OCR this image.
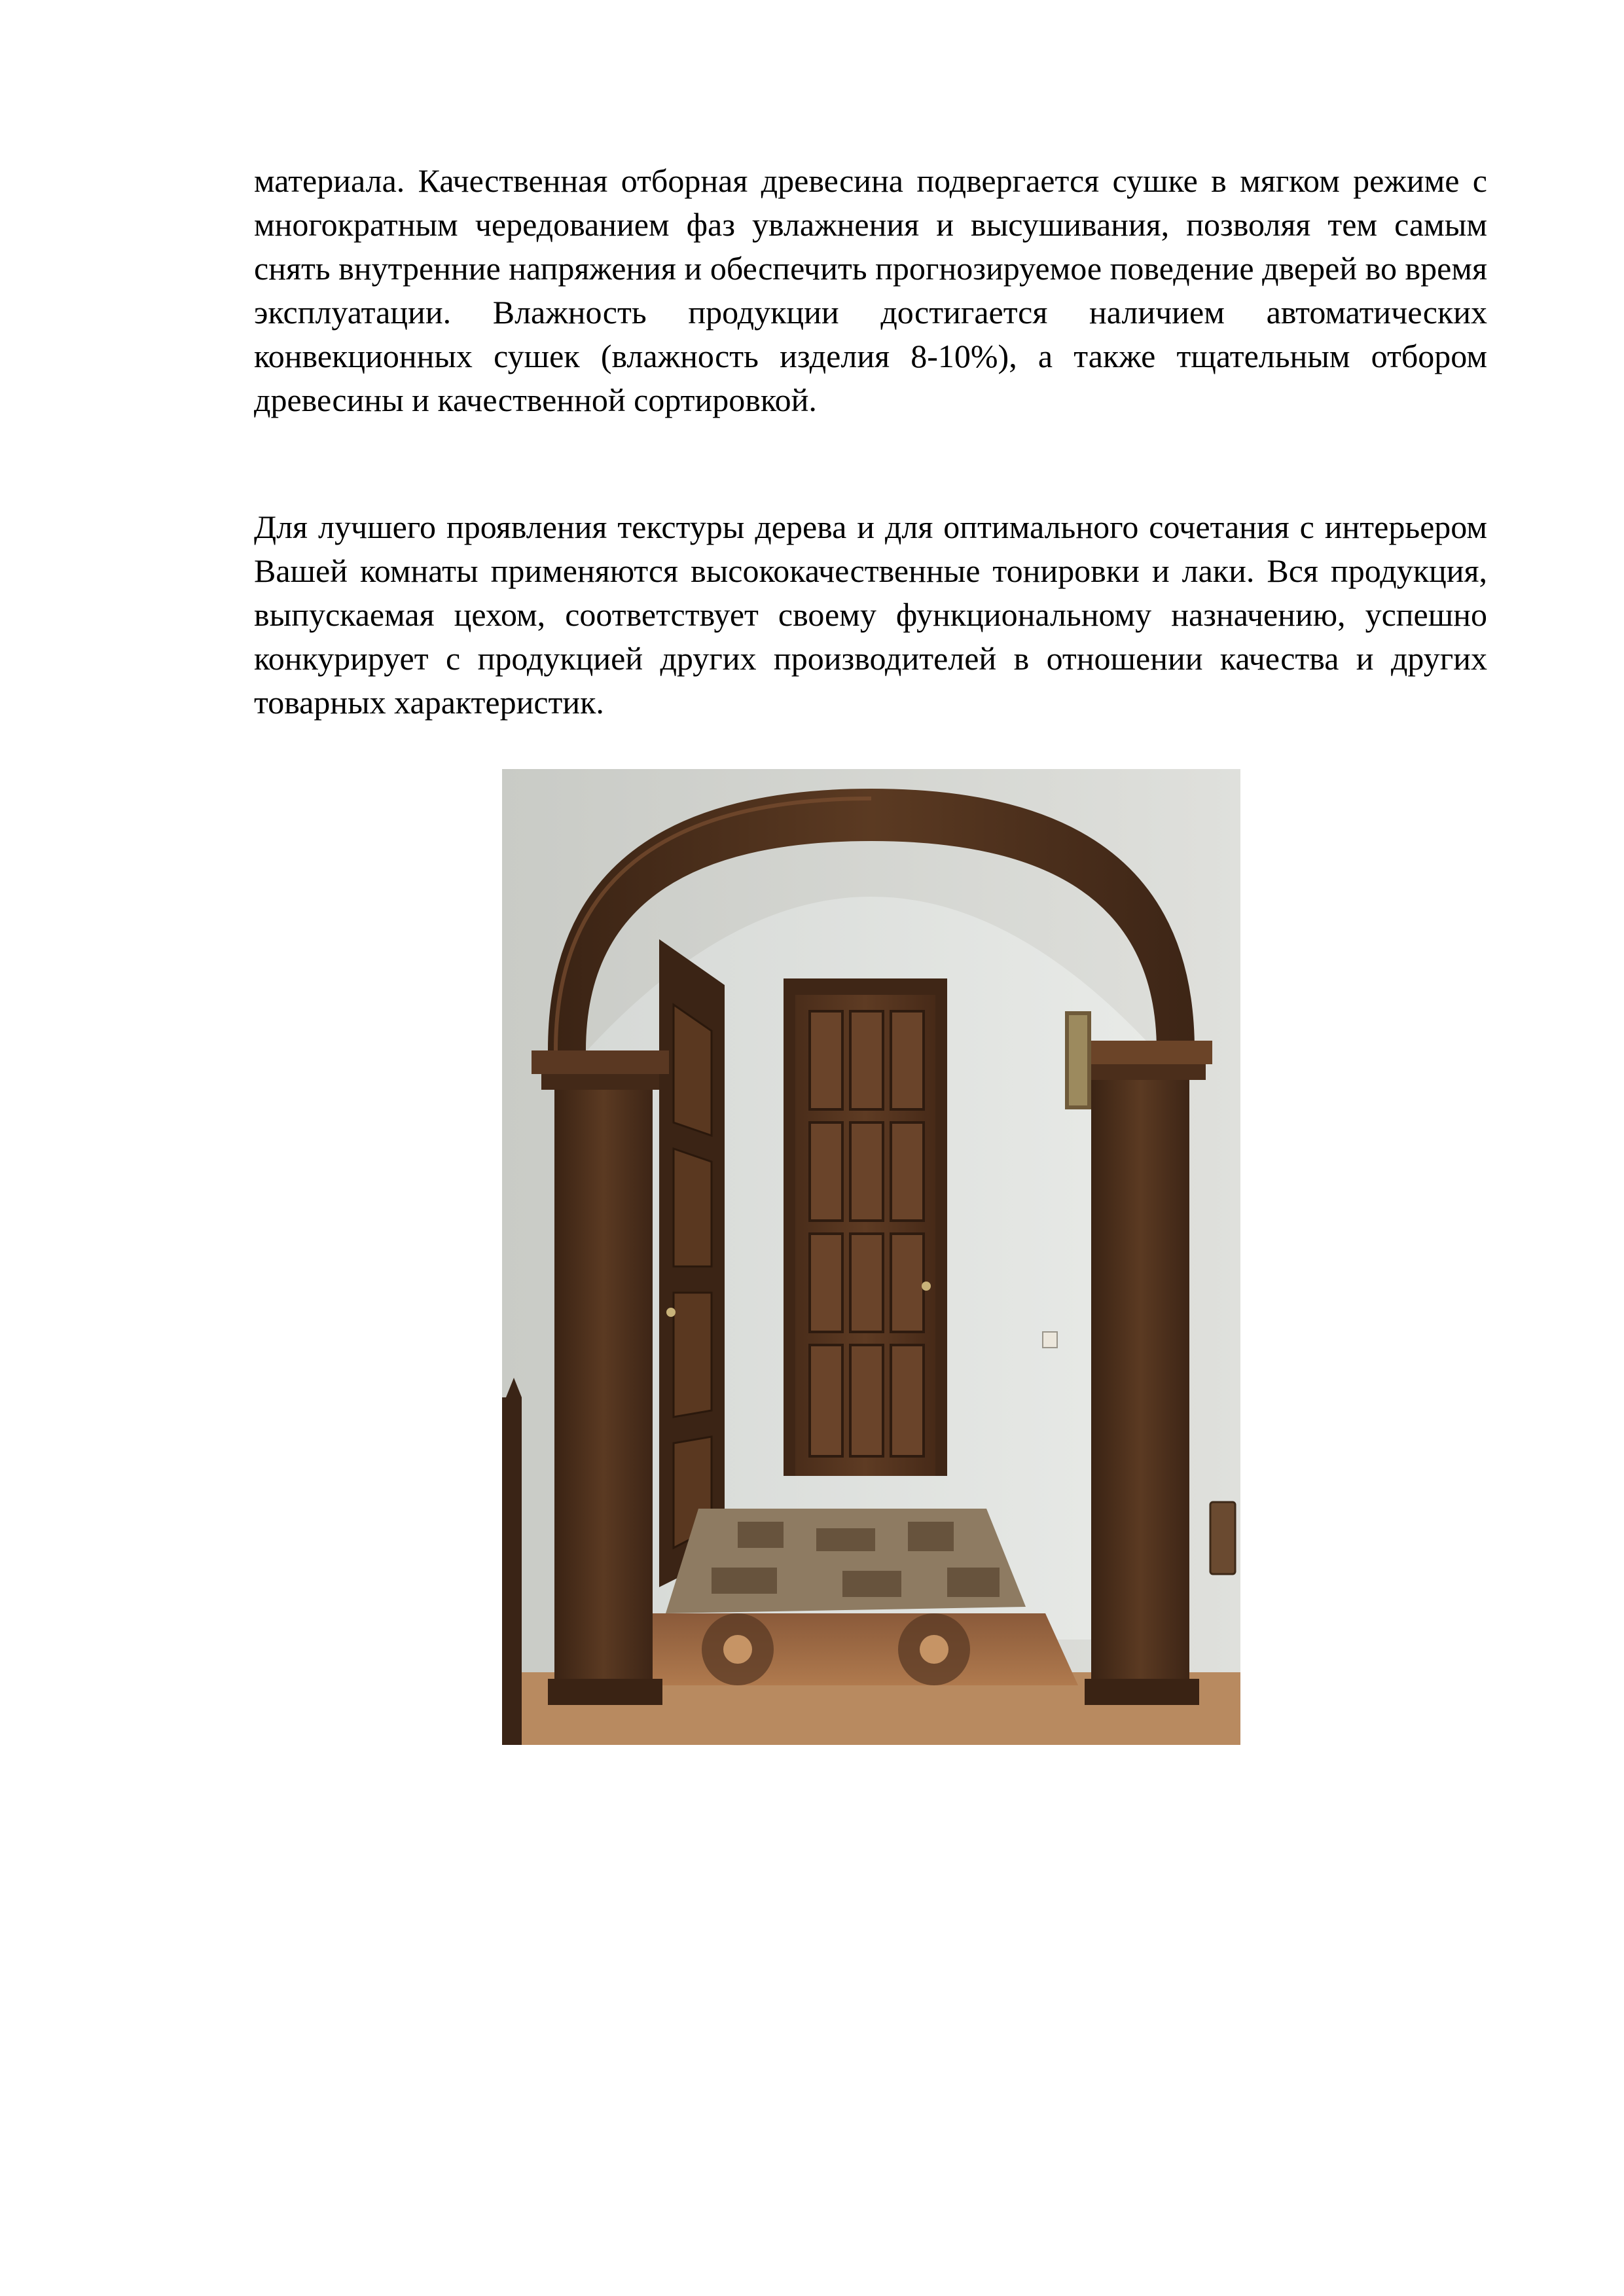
материала. Качественная отборная древесина подвергается сушке в мягком режиме с многократным чередованием фаз увлажнения и высушивания, позволяя тем самым снять внутренние напряжения и обеспечить прогнозируемое поведение дверей во время эксплуатации. Влажность продукции достигается наличием автоматических конвекционных сушек (влажность изделия 8-10%), а также тщательным отбором древесины и качественной сортировкой.

Для лучшего проявления текстуры дерева и для оптимального сочетания с интерьером Вашей комнаты применяются высококачественные тонировки и лаки. Вся продукция, выпускаемая цехом, соответствует своему функциональному назначению, успешно конкурирует с продукцией других производителей в отношении качества и других товарных характеристик.
